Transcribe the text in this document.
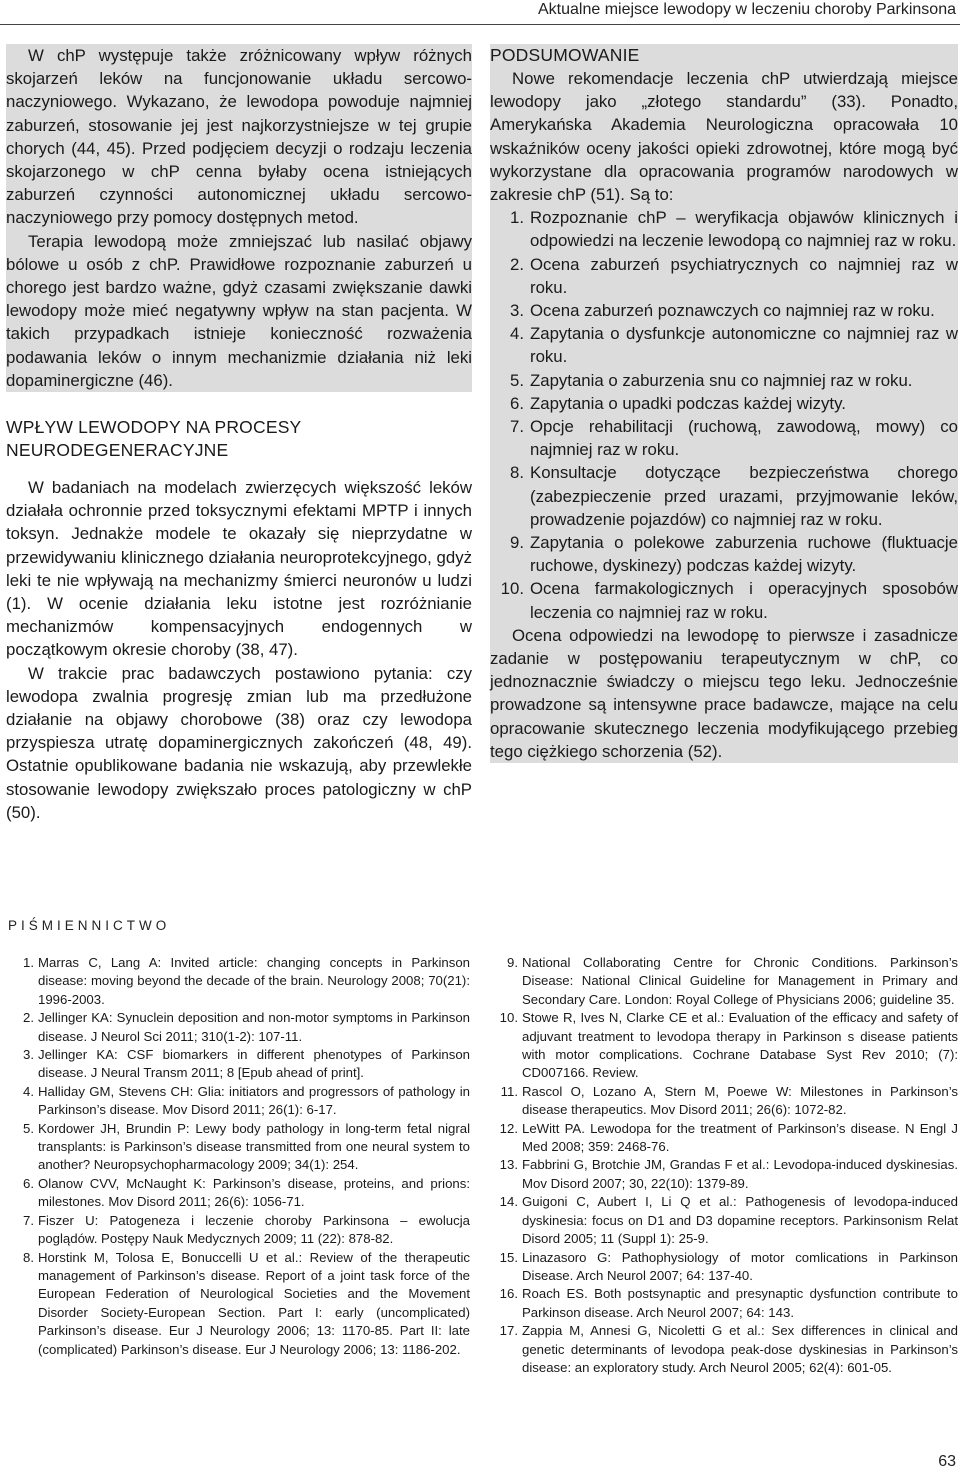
Aktualne miejsce lewodopy w leczeniu choroby Parkinsona

W chP występuje także zróżnicowany wpływ różnych skojarzeń leków na funcjonowanie układu sercowo-naczyniowego. Wykazano, że lewodopa powoduje najmniej zaburzeń, stosowanie jej jest najkorzystniejsze w tej grupie chorych (44, 45). Przed podjęciem decyzji o rodzaju leczenia skojarzonego w chP cenna byłaby ocena istniejących zaburzeń czynności autonomicznej układu sercowo-naczyniowego przy pomocy dostępnych metod.

Terapia lewodopą może zmniejszać lub nasilać objawy bólowe u osób z chP. Prawidłowe rozpoznanie zaburzeń u chorego jest bardzo ważne, gdyż czasami zwiększanie dawki lewodopy może mieć negatywny wpływ na stan pacjenta. W takich przypadkach istnieje konieczność rozważenia podawania leków o innym mechanizmie działania niż leki dopaminergiczne (46).

WPŁYW LEWODOPY NA PROCESY
NEURODEGENERACYJNE

W badaniach na modelach zwierzęcych większość leków działała ochronnie przed toksycznymi efektami MPTP i innych toksyn. Jednakże modele te okazały się nieprzydatne w przewidywaniu klinicznego działania neuroprotekcyjnego, gdyż leki te nie wpływają na mechanizmy śmierci neuronów u ludzi (1). W ocenie działania leku istotne jest rozróżnianie mechanizmów kompensacyjnych endogennych w początkowym okresie choroby (38, 47).

W trakcie prac badawczych postawiono pytania: czy lewodopa zwalnia progresję zmian lub ma przedłużone działanie na objawy chorobowe (38) oraz czy lewodopa przyspiesza utratę dopaminergicznych zakończeń (48, 49). Ostatnie opublikowane badania nie wskazują, aby przewlekłe stosowanie lewodopy zwiększało proces patologiczny w chP (50).

PODSUMOWANIE

Nowe rekomendacje leczenia chP utwierdzają miejsce lewodopy jako „złotego standardu” (33). Ponadto, Amerykańska Akademia Neurologiczna opracowała 10 wskaźników oceny jakości opieki zdrowotnej, które mogą być wykorzystane dla opracowania programów narodowych w zakresie chP (51). Są to:

1. Rozpoznanie chP – weryfikacja objawów klinicznych i odpowiedzi na leczenie lewodopą co najmniej raz w roku.
2. Ocena zaburzeń psychiatrycznych co najmniej raz w roku.
3. Ocena zaburzeń poznawczych co najmniej raz w roku.
4. Zapytania o dysfunkcje autonomiczne co najmniej raz w roku.
5. Zapytania o zaburzenia snu co najmniej raz w roku.
6. Zapytania o upadki podczas każdej wizyty.
7. Opcje rehabilitacji (ruchową, zawodową, mowy) co najmniej raz w roku.
8. Konsultacje dotyczące bezpieczeństwa chorego (zabezpieczenie przed urazami, przyjmowanie leków, prowadzenie pojazdów) co najmniej raz w roku.
9. Zapytania o polekowe zaburzenia ruchowe (fluktuacje ruchowe, dyskinezy) podczas każdej wizyty.
10. Ocena farmakologicznych i operacyjnych sposobów leczenia co najmniej raz w roku.

Ocena odpowiedzi na lewodopę to pierwsze i zasadnicze zadanie w postępowaniu terapeutycznym w chP, co jednoznacznie świadczy o miejscu tego leku. Jednocześnie prowadzone są intensywne prace badawcze, mające na celu opracowanie skutecznego leczenia modyfikującego przebieg tego ciężkiego schorzenia (52).

PIŚMIENNICTWO

1. Marras C, Lang A: Invited article: changing concepts in Parkinson disease: moving beyond the decade of the brain. Neurology 2008; 70(21): 1996-2003.

2. Jellinger KA: Synuclein deposition and non-motor symptoms in Parkinson disease. J Neurol Sci 2011; 310(1-2): 107-11.

3. Jellinger KA: CSF biomarkers in different phenotypes of Parkinson disease. J Neural Transm 2011; 8 [Epub ahead of print].

4. Halliday GM, Stevens CH: Glia: initiators and progressors of pathology in Parkinson’s disease. Mov Disord 2011; 26(1): 6-17.

5. Kordower JH, Brundin P: Lewy body pathology in long-term fetal nigral transplants: is Parkinson’s disease transmitted from one neural system to another? Neuropsychopharmacology 2009; 34(1): 254.

6. Olanow CVV, McNaught K: Parkinson’s disease, proteins, and prions: milestones. Mov Disord 2011; 26(6): 1056-71.

7. Fiszer U: Patogeneza i leczenie choroby Parkinsona – ewolucja poglądów. Postępy Nauk Medycznych 2009; 11 (22): 878-82.

8. Horstink M, Tolosa E, Bonuccelli U et al.: Review of the therapeutic management of Parkinson’s disease. Report of a joint task force of the European Federation of Neurological Societies and the Movement Disorder Society-European Section. Part I: early (uncomplicated) Parkinson’s disease. Eur J Neurology 2006; 13: 1170-85. Part II: late (complicated) Parkinson’s disease. Eur J Neurology 2006; 13: 1186-202.

9. National Collaborating Centre for Chronic Conditions. Parkinson’s Disease: National Clinical Guideline for Management in Primary and Secondary Care. London: Royal College of Physicians 2006; guideline 35.

10. Stowe R, Ives N, Clarke CE et al.: Evaluation of the efficacy and safety of adjuvant treatment to levodopa therapy in Parkinson s disease patients with motor complications. Cochrane Database Syst Rev 2010; (7): CD007166. Review.

11. Rascol O, Lozano A, Stern M, Poewe W: Milestones in Parkinson’s disease therapeutics. Mov Disord 2011; 26(6): 1072-82.

12. LeWitt PA. Lewodopa for the treatment of Parkinson’s disease. N Engl J Med 2008; 359: 2468-76.

13. Fabbrini G, Brotchie JM, Grandas F et al.: Levodopa-induced dyskinesias. Mov Disord 2007; 30, 22(10): 1379-89.

14. Guigoni C, Aubert I, Li Q et al.: Pathogenesis of levodopa-induced dyskinesia: focus on D1 and D3 dopamine receptors. Parkinsonism Relat Disord 2005; 11 (Suppl 1): 25-9.

15. Linazasoro G: Pathophysiology of motor comlications in Parkinson Disease. Arch Neurol 2007; 64: 137-40.

16. Roach ES. Both postsynaptic and presynaptic dysfunction contribute to Parkinson disease. Arch Neurol 2007; 64: 143.

17. Zappia M, Annesi G, Nicoletti G et al.: Sex differences in clinical and genetic determinants of levodopa peak-dose dyskinesias in Parkinson’s disease: an exploratory study. Arch Neurol 2005; 62(4): 601-05.

63
